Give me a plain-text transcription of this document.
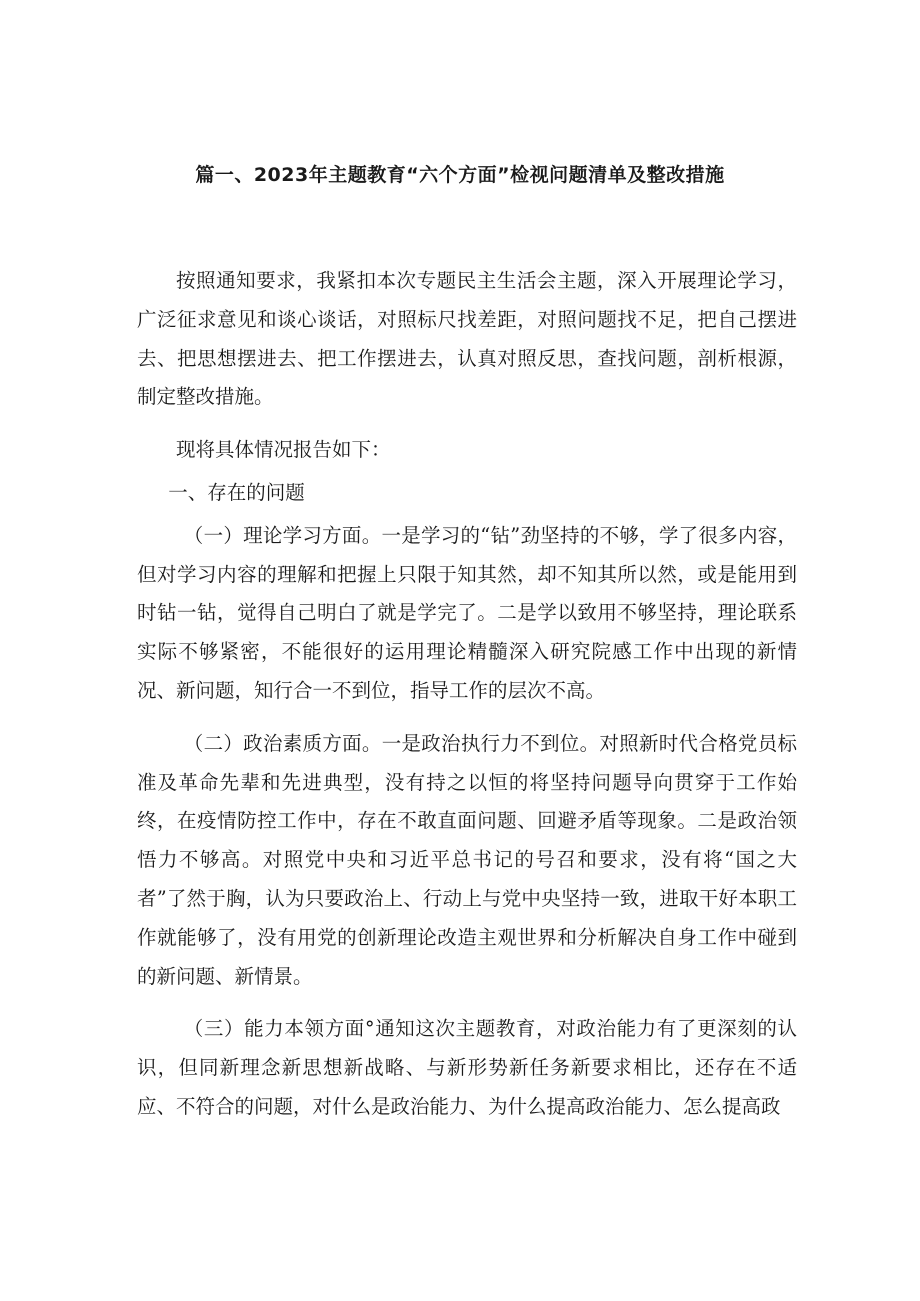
篇一、2023年主题教育“六个方面”检视问题清单及整改措施

按照通知要求，我紧扣本次专题民主生活会主题，深入开展理论学习，广泛征求意见和谈心谈话，对照标尺找差距，对照问题找不足，把自己摆进去、把思想摆进去、把工作摆进去，认真对照反思，查找问题，剖析根源，制定整改措施。

现将具体情况报告如下：

一、存在的问题

（一）理论学习方面。一是学习的“钻”劲坚持的不够，学了很多内容，但对学习内容的理解和把握上只限于知其然，却不知其所以然，或是能用到时钻一钻，觉得自己明白了就是学完了。二是学以致用不够坚持，理论联系实际不够紧密，不能很好的运用理论精髓深入研究院感工作中出现的新情况、新问题，知行合一不到位，指导工作的层次不高。

（二）政治素质方面。一是政治执行力不到位。对照新时代合格党员标准及革命先辈和先进典型，没有持之以恒的将坚持问题导向贯穿于工作始终，在疫情防控工作中，存在不敢直面问题、回避矛盾等现象。二是政治领悟力不够高。对照党中央和习近平总书记的号召和要求，没有将“国之大者”了然于胸，认为只要政治上、行动上与党中央坚持一致，进取干好本职工作就能够了，没有用党的创新理论改造主观世界和分析解决自身工作中碰到的新问题、新情景。

（三）能力本领方面°通知这次主题教育，对政治能力有了更深刻的认识，但同新理念新思想新战略、与新形势新任务新要求相比，还存在不适应、不符合的问题，对什么是政治能力、为什么提高政治能力、怎么提高政
